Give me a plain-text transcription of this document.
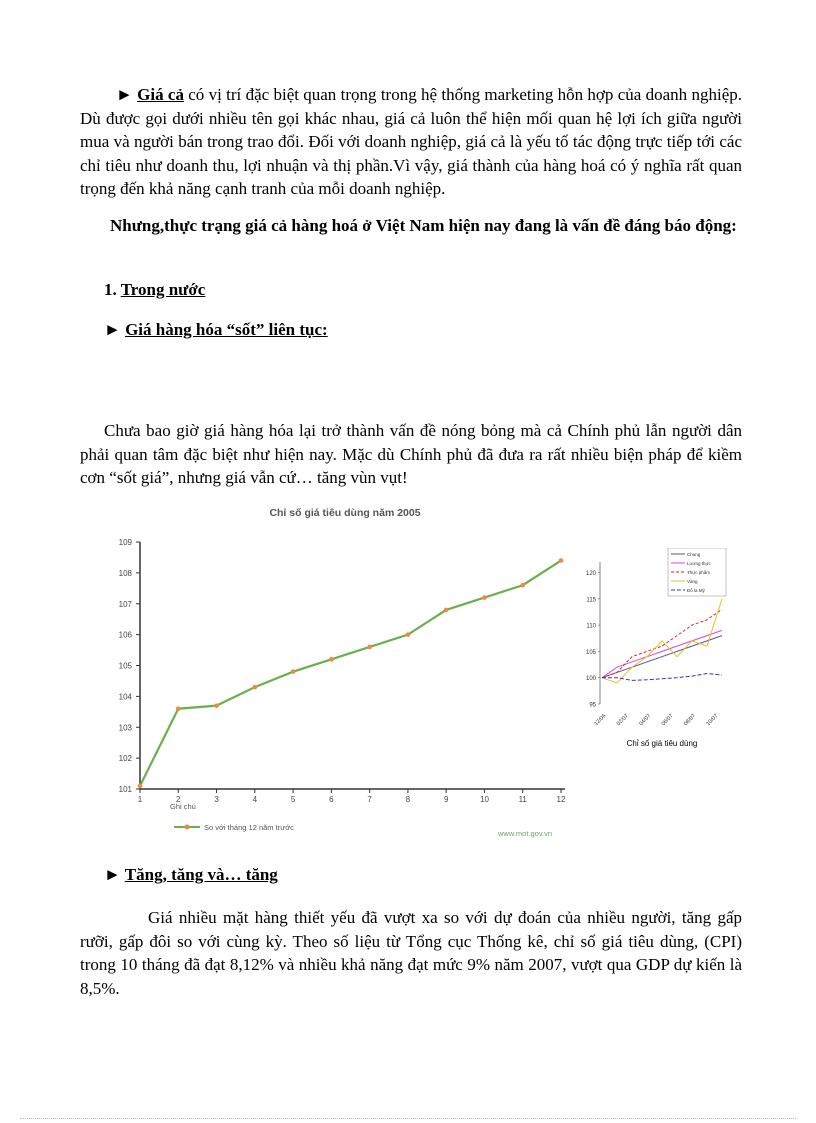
► Giá cả có vị trí đặc biệt quan trọng trong hệ thống marketing hỗn hợp của doanh nghiệp. Dù được gọi dưới nhiều tên gọi khác nhau, giá cả luôn thể hiện mối quan hệ lợi ích giữa người mua và người bán trong trao đổi. Đối với doanh nghiệp, giá cả là yếu tố tác động trực tiếp tới các chỉ tiêu như doanh thu, lợi nhuận và thị phần.Vì vậy, giá thành của hàng hoá có ý nghĩa rất quan trọng đến khả năng cạnh tranh của mỗi doanh nghiệp.

Nhưng,thực trạng giá cả hàng hoá ở Việt Nam hiện nay đang là vấn đề đáng báo động:

1. Trong nước

► Giá hàng hóa “sốt” liên tục:

Chưa bao giờ giá hàng hóa lại trở thành vấn đề nóng bỏng mà cả Chính phủ lẫn người dân phải quan tâm đặc biệt như hiện nay. Mặc dù Chính phủ đã đưa ra rất nhiều biện pháp để kiềm cơn “sốt giá”, nhưng giá vẫn cứ… tăng vùn vụt!

Chỉ số giá tiêu dùng năm 2005
101
102
103
104
105
106
107
108
109
1	2	3	4	5	6	7	8	9	10	11	12
Ghi chú
So với tháng 12 năm trước
www.mot.gov.vn
95
100
105
110
115
120
12/06 02/07 04/07 06/07 08/07 10/07
Chung
Lương thực
Thực phẩm
Vàng
Đô la Mỹ
Chỉ số giá tiêu dùng

► Tăng, tăng và… tăng

Giá nhiều mặt hàng thiết yếu đã vượt xa so với dự đoán của nhiều người, tăng gấp rưỡi, gấp đôi so với cùng kỳ. Theo số liệu từ Tổng cục Thống kê, chỉ số giá tiêu dùng, (CPI) trong 10 tháng đã đạt 8,12% và nhiều khả năng đạt mức 9% năm 2007, vượt qua GDP dự kiến là 8,5%.
